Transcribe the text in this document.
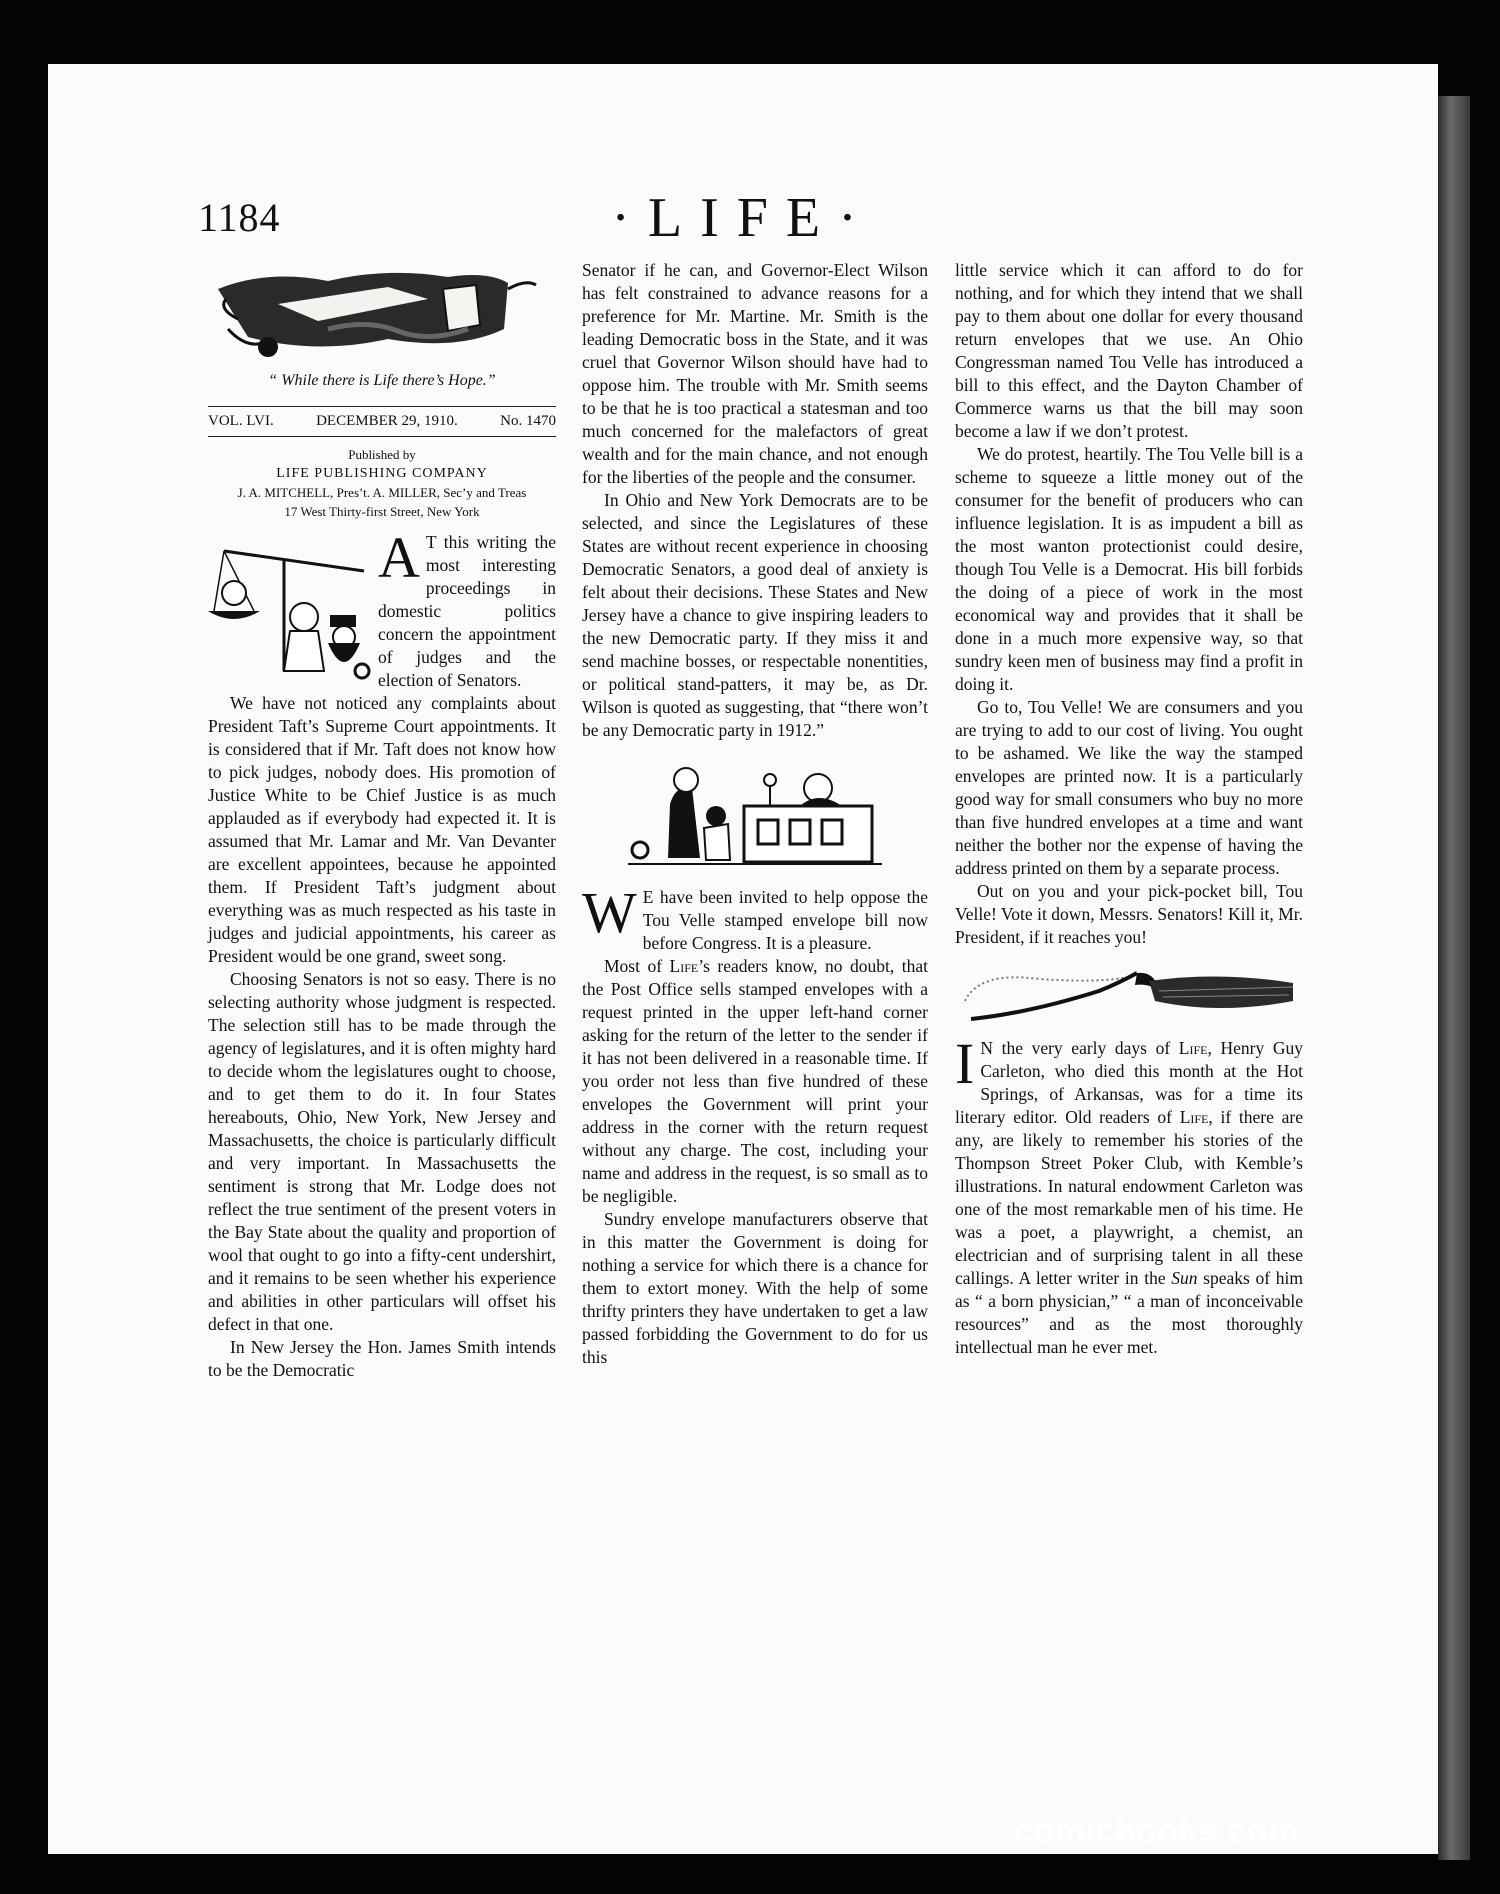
1184	·LIFE·
“ While there is Life there’s Hope.”
VOL. LVI.	DECEMBER 29, 1910.	No. 1470
Published by
LIFE PUBLISHING COMPANY
J. A. MITCHELL, Pres’t. A. MILLER, Sec’y and Treas
17 West Thirty-first Street, New York

A T this writing the most interesting proceedings in domestic politics concern the appointment of judges and the election of Senators.

We have not noticed any complaints about President Taft’s Supreme Court appointments. It is considered that if Mr. Taft does not know how to pick judges, nobody does. His promotion of Justice White to be Chief Justice is as much applauded as if everybody had expected it. It is assumed that Mr. Lamar and Mr. Van Devanter are excellent appointees, because he appointed them. If President Taft’s judgment about everything was as much respected as his taste in judges and judicial appointments, his career as President would be one grand, sweet song.

Choosing Senators is not so easy. There is no selecting authority whose judgment is respected. The selection still has to be made through the agency of legislatures, and it is often mighty hard to decide whom the legislatures ought to choose, and to get them to do it. In four States hereabouts, Ohio, New York, New Jersey and Massachusetts, the choice is particularly difficult and very important. In Massachusetts the sentiment is strong that Mr. Lodge does not reflect the true sentiment of the present voters in the Bay State about the quality and proportion of wool that ought to go into a fifty-cent undershirt, and it remains to be seen whether his experience and abilities in other particulars will offset his defect in that one.

In New Jersey the Hon. James Smith intends to be the Democratic

Senator if he can, and Governor-Elect Wilson has felt constrained to advance reasons for a preference for Mr. Martine. Mr. Smith is the leading Democratic boss in the State, and it was cruel that Governor Wilson should have had to oppose him. The trouble with Mr. Smith seems to be that he is too practical a statesman and too much concerned for the malefactors of great wealth and for the main chance, and not enough for the liberties of the people and the consumer.

In Ohio and New York Democrats are to be selected, and since the Legislatures of these States are without recent experience in choosing Democratic Senators, a good deal of anxiety is felt about their decisions. These States and New Jersey have a chance to give inspiring leaders to the new Democratic party. If they miss it and send machine bosses, or respectable nonentities, or political stand-patters, it may be, as Dr. Wilson is quoted as suggesting, that “there won’t be any Democratic party in 1912.”

W E have been invited to help oppose the Tou Velle stamped envelope bill now before Congress. It is a pleasure.

Most of Life’s readers know, no doubt, that the Post Office sells stamped envelopes with a request printed in the upper left-hand corner asking for the return of the letter to the sender if it has not been delivered in a reasonable time. If you order not less than five hundred of these envelopes the Government will print your address in the corner with the return request without any charge. The cost, including your name and address in the request, is so small as to be negligible.

Sundry envelope manufacturers observe that in this matter the Government is doing for nothing a service for which there is a chance for them to extort money. With the help of some thrifty printers they have undertaken to get a law passed forbidding the Government to do for us this

little service which it can afford to do for nothing, and for which they intend that we shall pay to them about one dollar for every thousand return envelopes that we use. An Ohio Congressman named Tou Velle has introduced a bill to this effect, and the Dayton Chamber of Commerce warns us that the bill may soon become a law if we don’t protest.

We do protest, heartily. The Tou Velle bill is a scheme to squeeze a little money out of the consumer for the benefit of producers who can influence legislation. It is as impudent a bill as the most wanton protectionist could desire, though Tou Velle is a Democrat. His bill forbids the doing of a piece of work in the most economical way and provides that it shall be done in a much more expensive way, so that sundry keen men of business may find a profit in doing it.

Go to, Tou Velle! We are consumers and you are trying to add to our cost of living. You ought to be ashamed. We like the way the stamped envelopes are printed now. It is a particularly good way for small consumers who buy no more than five hundred envelopes at a time and want neither the bother nor the expense of having the address printed on them by a separate process.

Out on you and your pick-pocket bill, Tou Velle! Vote it down, Messrs. Senators! Kill it, Mr. President, if it reaches you!

I N the very early days of Life, Henry Guy Carleton, who died this month at the Hot Springs, of Arkansas, was for a time its literary editor. Old readers of Life, if there are any, are likely to remember his stories of the Thompson Street Poker Club, with Kemble’s illustrations. In natural endowment Carleton was one of the most remarkable men of his time. He was a poet, a playwright, a chemist, an electrician and of surprising talent in all these callings. A letter writer in the Sun speaks of him as “ a born physician,” “ a man of inconceivable resources” and as the most thoroughly intellectual man he ever met.

comicbooks.com
